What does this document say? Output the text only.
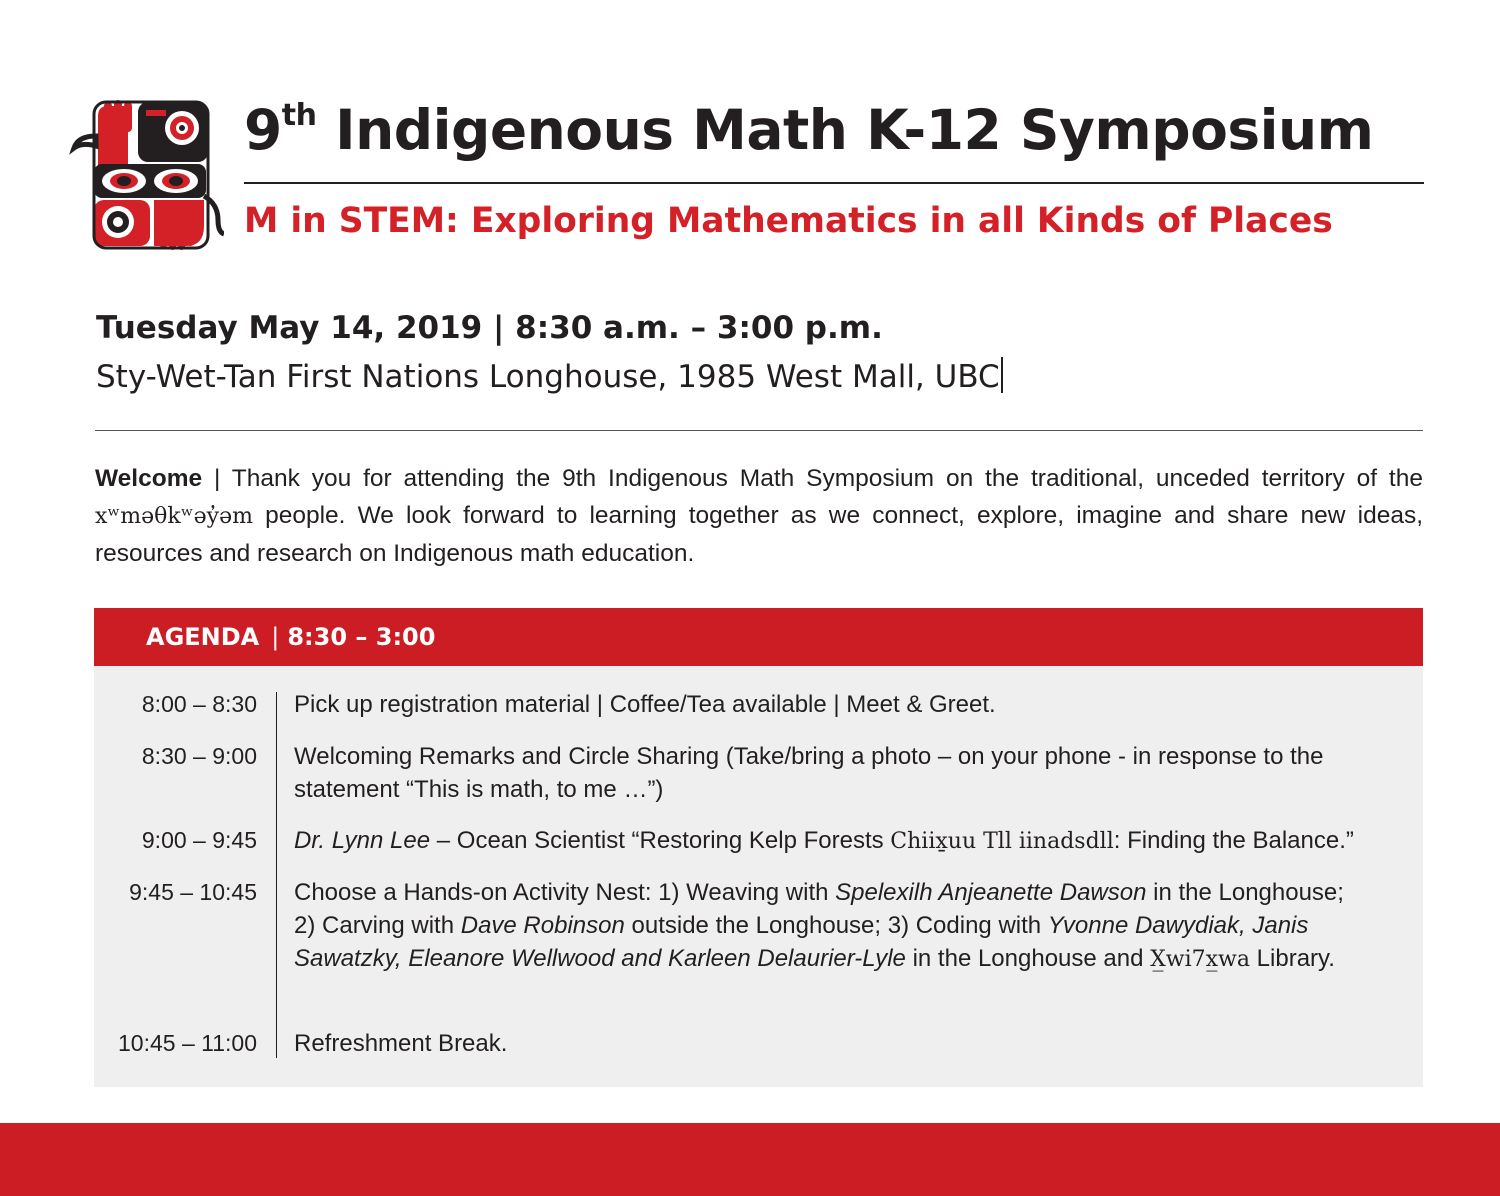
9th Indigenous Math K-12 Symposium
M in STEM: Exploring Mathematics in all Kinds of Places
Tuesday May 14, 2019 | 8:30 a.m. – 3:00 p.m.
Sty-Wet-Tan First Nations Longhouse, 1985 West Mall, UBC
Welcome | Thank you for attending the 9th Indigenous Math Symposium on the traditional, unceded territory of the xʷməθkʷəy̓əm people. We look forward to learning together as we connect, explore, imagine and share new ideas, resources and research on Indigenous math education.
AGENDA | 8:30 – 3:00
8:00 – 8:30 Pick up registration material | Coffee/Tea available | Meet & Greet.
8:30 – 9:00 Welcoming Remarks and Circle Sharing (Take/bring a photo – on your phone - in response to the statement “This is math, to me …”)
9:00 – 9:45 Dr. Lynn Lee – Ocean Scientist “Restoring Kelp Forests Chiix̱uu Tll iinadsdll: Finding the Balance.”
9:45 – 10:45 Choose a Hands-on Activity Nest: 1) Weaving with Spelexilh Anjeanette Dawson in the Longhouse; 2) Carving with Dave Robinson outside the Longhouse; 3) Coding with Yvonne Dawydiak, Janis Sawatzky, Eleanore Wellwood and Karleen Delaurier-Lyle in the Longhouse and X̲wi7x̲wa Library.
10:45 – 11:00 Refreshment Break.
